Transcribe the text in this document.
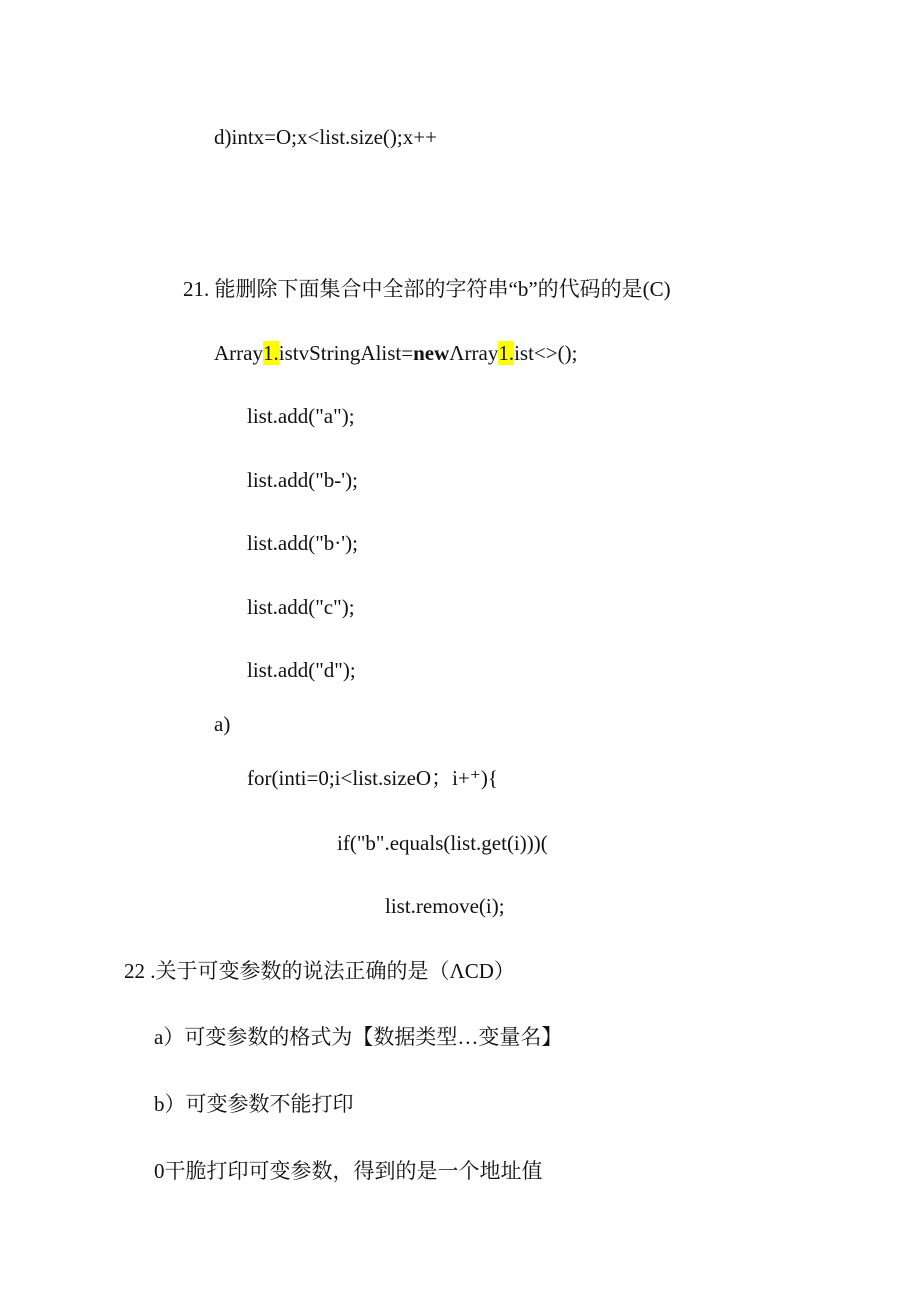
d)intx=O;x<list.size();x++
21. 能删除下面集合中全部的字符串“b”的代码的是(C)
Array1.istvStringAlist=newΛrray1.ist<>();
list.add("a");
list.add("b-');
list.add("b·');
list.add("c");
list.add("d");
a)
for(inti=0;i<list.sizeO；i+⁺){
if("b".equals(list.get(i)))(
list.remove(i);
22 .关于可变参数的说法正确的是（ΛCD）
a）可变参数的格式为【数据类型…变量名】
b）可变参数不能打印
0干脆打印可变参数，得到的是一个地址值
